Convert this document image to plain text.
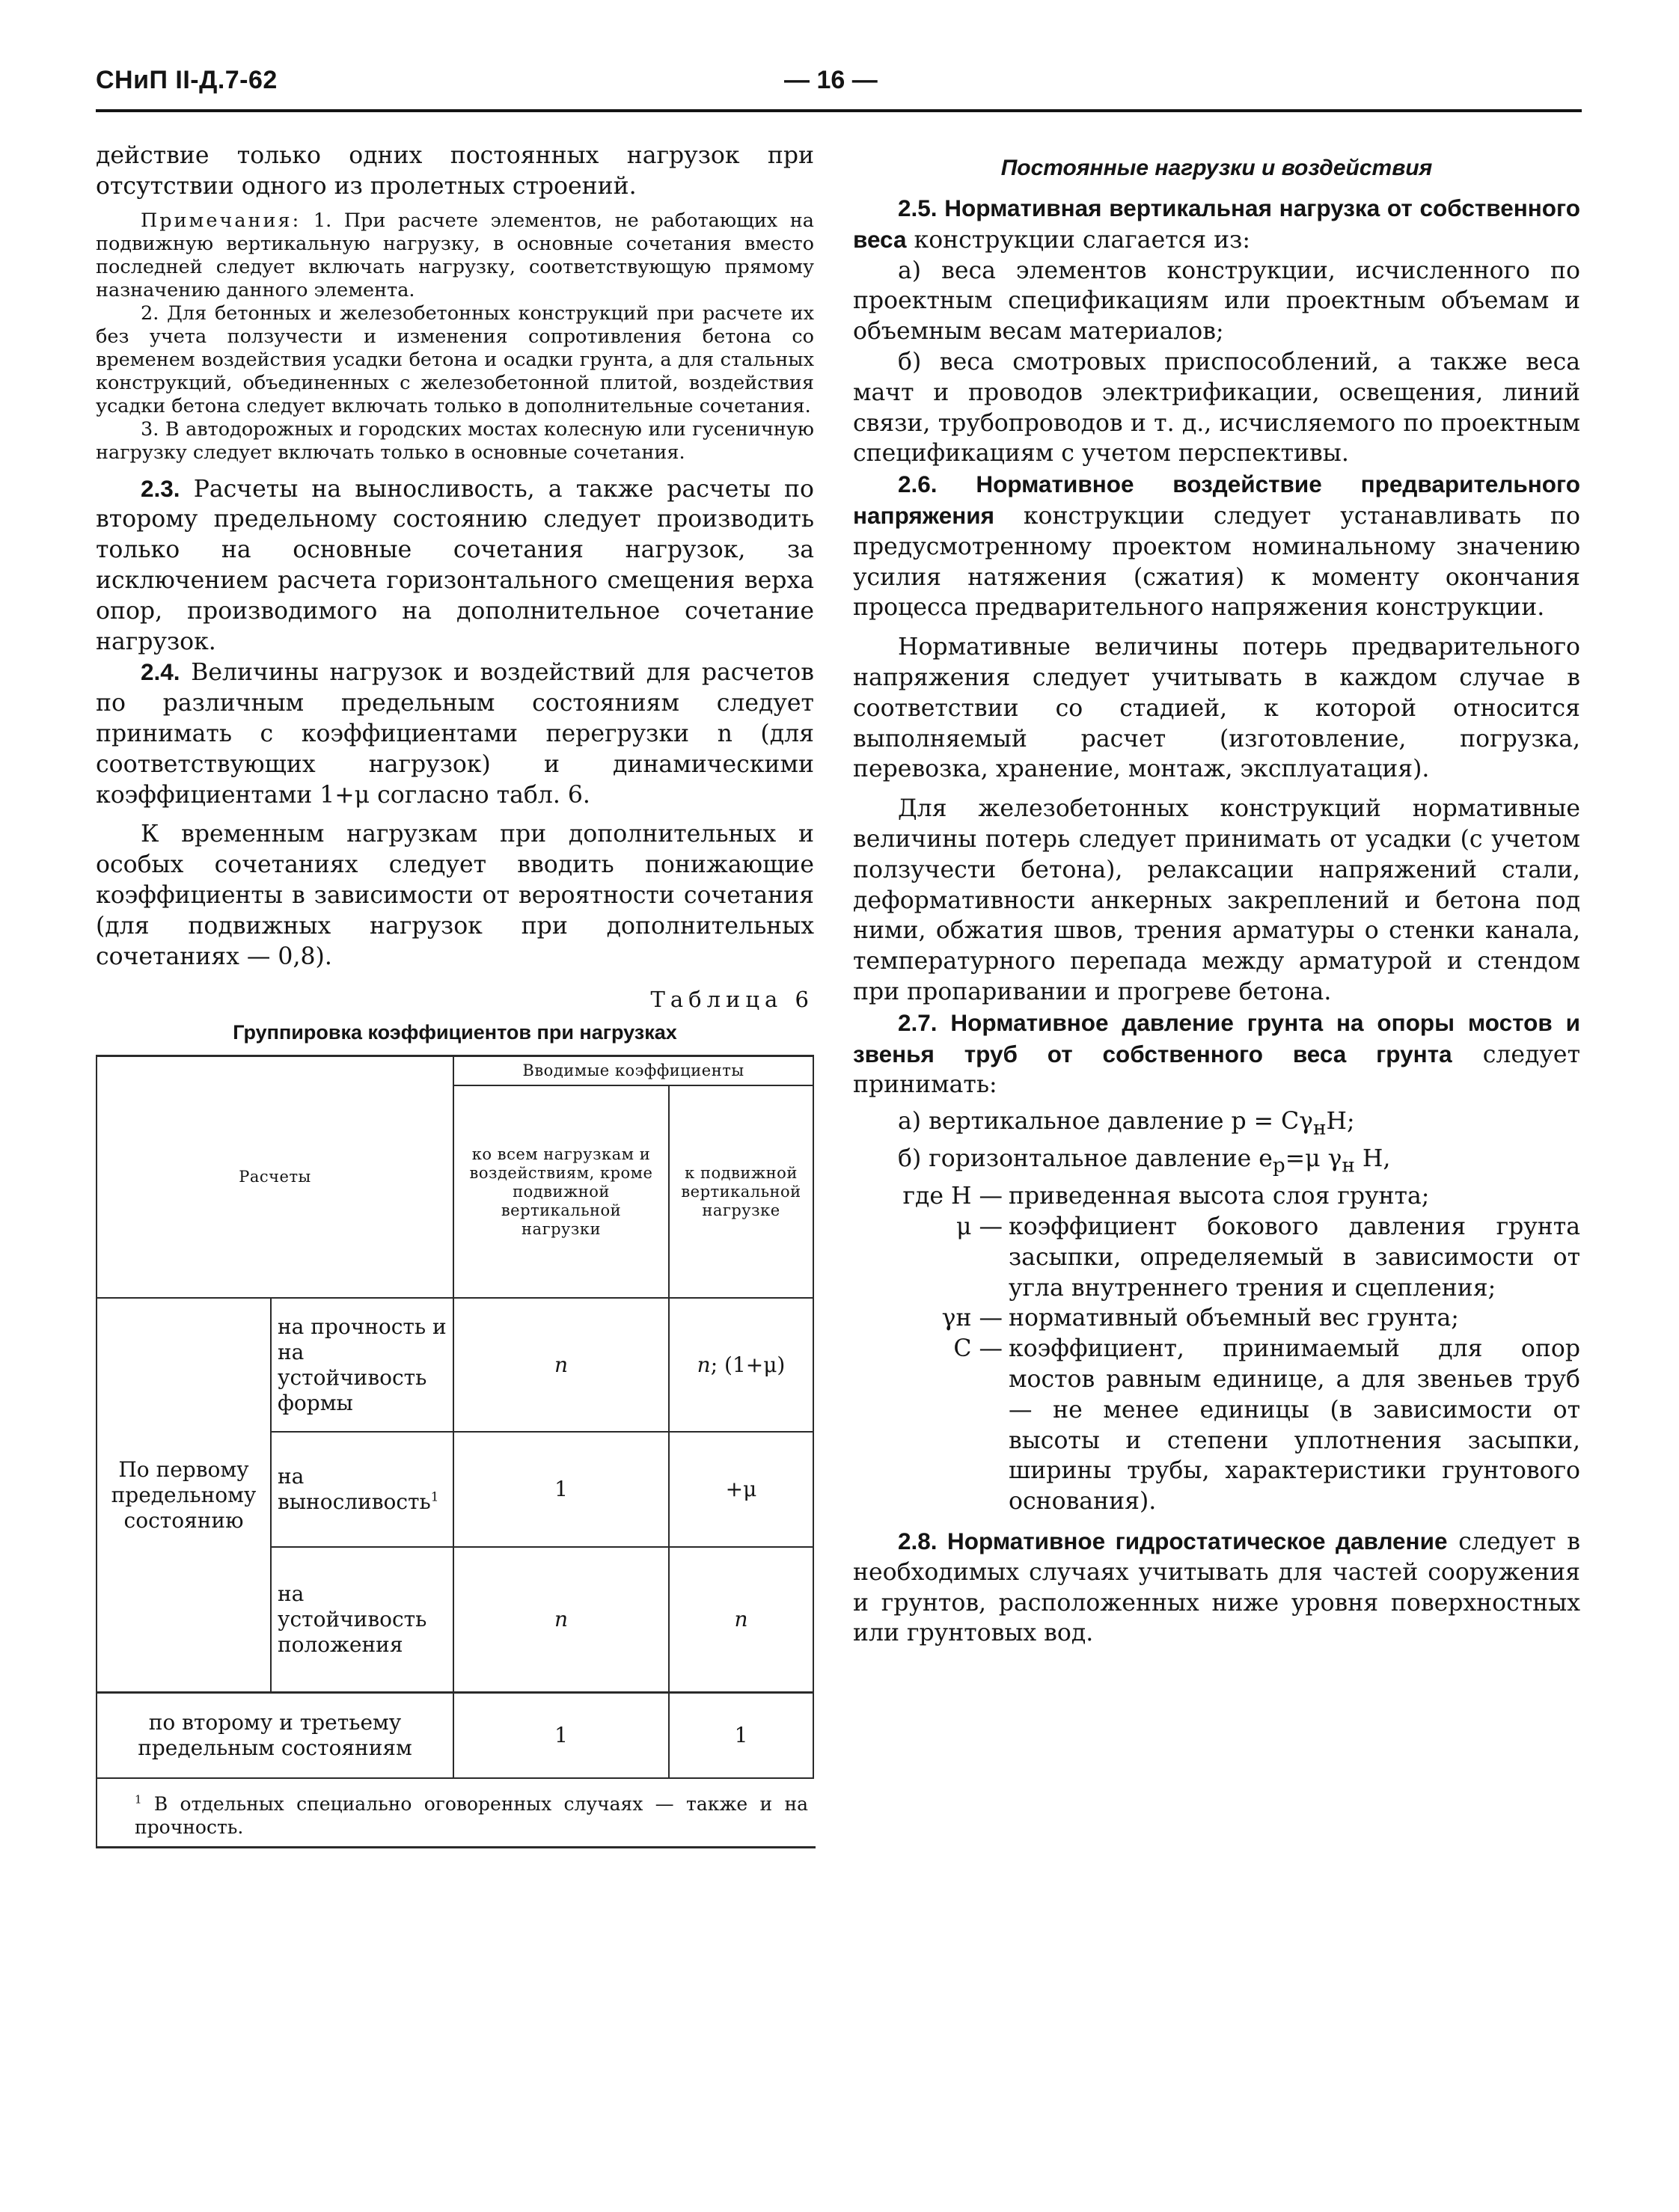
СНиП II-Д.7-62	— 16 —

действие только одних постоянных нагрузок при отсутствии одного из пролетных строений.

Примечания: 1. При расчете элементов, не работающих на подвижную вертикальную нагрузку, в основные сочетания вместо последней следует включать нагрузку, соответствующую прямому назначению данного элемента.

2. Для бетонных и железобетонных конструкций при расчете их без учета ползучести и изменения сопротивления бетона со временем воздействия усадки бетона и осадки грунта, а для стальных конструкций, объединенных с железобетонной плитой, воздействия усадки бетона следует включать только в дополнительные сочетания.

3. В автодорожных и городских мостах колесную или гусеничную нагрузку следует включать только в основные сочетания.

2.3. Расчеты на выносливость, а также расчеты по второму предельному состоянию следует производить только на основные сочетания нагрузок, за исключением расчета горизонтального смещения верха опор, производимого на дополнительное сочетание нагрузок.

2.4. Величины нагрузок и воздействий для расчетов по различным предельным состояниям следует принимать с коэффициентами перегрузки n (для соответствующих нагрузок) и динамическими коэффициентами 1+μ согласно табл. 6.

К временным нагрузкам при дополнительных и особых сочетаниях следует вводить понижающие коэффициенты в зависимости от вероятности сочетания (для подвижных нагрузок при дополнительных сочетаниях — 0,8).

Таблица 6
Группировка коэффициентов при нагрузках
Расчеты		Вводимые коэффициенты	
		ко всем нагрузкам и воздействиям, кроме подвижной вертикальной нагрузки	к подвижной вертикальной нагрузке
По первому предельному состоянию	на прочность и на устойчивость формы	n	n; (1+μ)
	на выносливость$^1$	1	+μ
	на устойчивость положения	n	n
по второму и третьему предельным состояниям		1	1
$^1$ В отдельных специально оговоренных случаях — также и на прочность.
Постоянные нагрузки и воздействия

2.5. Нормативная вертикальная нагрузка от собственного веса конструкции слагается из:

а) веса элементов конструкции, исчисленного по проектным спецификациям или проектным объемам и объемным весам материалов;

б) веса смотровых приспособлений, а также веса мачт и проводов электрификации, освещения, линий связи, трубопроводов и т. д., исчисляемого по проектным спецификациям с учетом перспективы.

2.6. Нормативное воздействие предварительного напряжения конструкции следует устанавливать по предусмотренному проектом номинальному значению усилия натяжения (сжатия) к моменту окончания процесса предварительного напряжения конструкции.

Нормативные величины потерь предварительного напряжения следует учитывать в каждом случае в соответствии со стадией, к которой относится выполняемый расчет (изготовление, погрузка, перевозка, хранение, монтаж, эксплуатация).

Для железобетонных конструкций нормативные величины потерь следует принимать от усадки (с учетом ползучести бетона), релаксации напряжений стали, деформативности анкерных закреплений и бетона под ними, обжатия швов, трения арматуры о стенки канала, температурного перепада между арматурой и стендом при пропаривании и прогреве бетона.

2.7. Нормативное давление грунта на опоры мостов и звенья труб от собственного веса грунта следует принимать:

а) вертикальное давление $p = C\gamma_нH$;

б) горизонтальное давление $e_p=\mu$ $\gamma_н$ H,

где H — приведенная высота слоя грунта;
μ — коэффициент бокового давления грунта засыпки, определяемый в зависимости от угла внутреннего трения и сцепления;
γн — нормативный объемный вес грунта;
C — коэффициент, принимаемый для опор мостов равным единице, а для звеньев труб — не менее единицы (в зависимости от высоты и степени уплотнения засыпки, ширины трубы, характеристики грунтового основания).

2.8. Нормативное гидростатическое давление следует в необходимых случаях учитывать для частей сооружения и грунтов, расположенных ниже уровня поверхностных или грунтовых вод.
